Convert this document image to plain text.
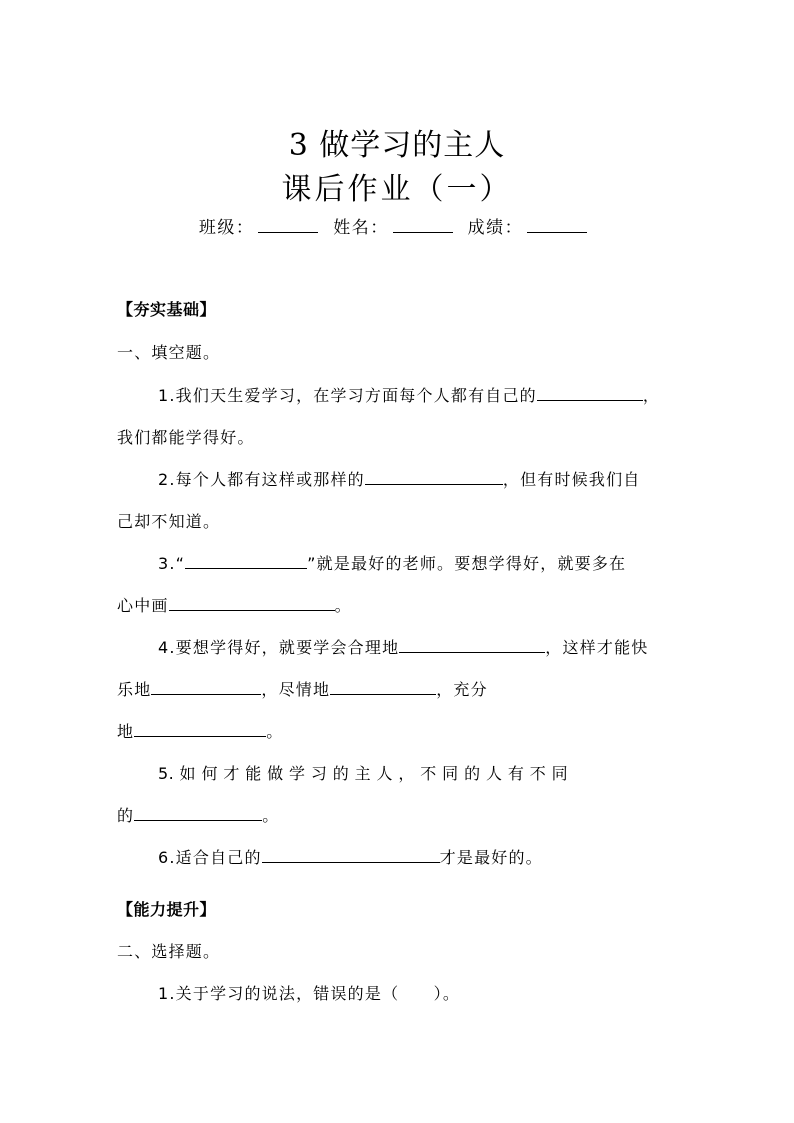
3 做学习的主人
课后作业（一）
班级：	姓名：	成绩：
【夯实基础】
一、填空题。
1.我们天生爱学习，在学习方面每个人都有自己的	，
我们都能学得好。
2.每个人都有这样或那样的	，但有时候我们自
己却不知道。
3.“	”就是最好的老师。要想学得好，就要多在
心中画	。
4.要想学得好，就要学会合理地	，这样才能快
乐地	，尽情地	，充分
地	。
5. 如 何 才 能 做 学 习 的 主 人 ， 不 同 的 人 有 不 同
的	。
6.适合自己的	才是最好的。
【能力提升】
二、选择题。
1.关于学习的说法，错误的是（　　）。
